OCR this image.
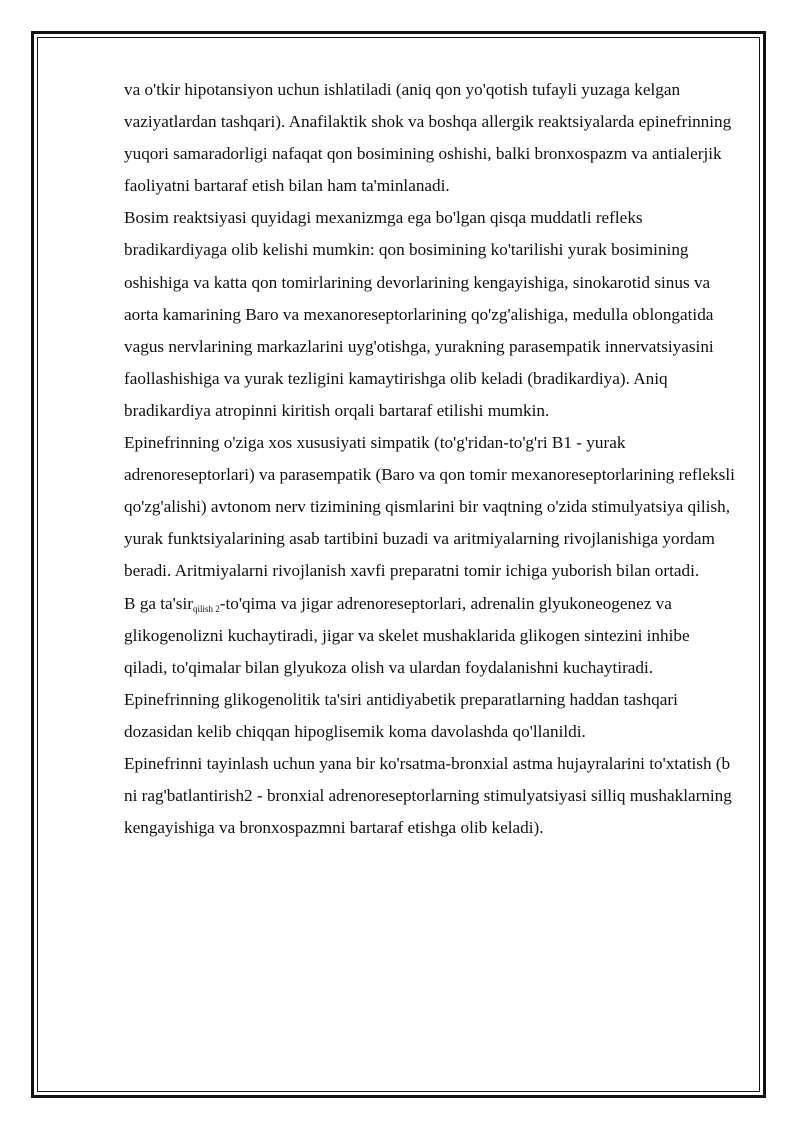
va o'tkir hipotansiyon uchun ishlatiladi (aniq qon yo'qotish tufayli yuzaga kelgan vaziyatlardan tashqari). Anafilaktik shok va boshqa allergik reaktsiyalarda epinefrinning yuqori samaradorligi nafaqat qon bosimining oshishi, balki bronxospazm va antialerjik faoliyatni bartaraf etish bilan ham ta'minlanadi.

Bosim reaktsiyasi quyidagi mexanizmga ega bo'lgan qisqa muddatli refleks bradikardiyaga olib kelishi mumkin: qon bosimining ko'tarilishi yurak bosimining oshishiga va katta qon tomirlarining devorlarining kengayishiga, sinokarotid sinus va aorta kamarining Baro va mexanoreseptorlarining qo'zg'alishiga, medulla oblongatida vagus nervlarining markazlarini uyg'otishga, yurakning parasempatik innervatsiyasini faollashishiga va yurak tezligini kamaytirishga olib keladi (bradikardiya). Aniq bradikardiya atropinni kiritish orqali bartaraf etilishi mumkin.

Epinefrinning o'ziga xos xususiyati simpatik (to'g'ridan-to'g'ri B1 - yurak adrenoreseptorlari) va parasempatik (Baro va qon tomir mexanoreseptorlarining refleksli qo'zg'alishi) avtonom nerv tizimining qismlarini bir vaqtning o'zida stimulyatsiya qilish, yurak funktsiyalarining asab tartibini buzadi va aritmiyalarning rivojlanishiga yordam beradi. Aritmiyalarni rivojlanish xavfi preparatni tomir ichiga yuborish bilan ortadi.

B ga ta'sir$_{qilish 2}$-to'qima va jigar adrenoreseptorlari, adrenalin glyukoneogenez va glikogenolizni kuchaytiradi, jigar va skelet mushaklarida glikogen sintezini inhibe qiladi, to'qimalar bilan glyukoza olish va ulardan foydalanishni kuchaytiradi. Epinefrinning glikogenolitik ta'siri antidiyabetik preparatlarning haddan tashqari dozasidan kelib chiqqan hipoglisemik koma davolashda qo'llanildi.

Epinefrinni tayinlash uchun yana bir ko'rsatma-bronxial astma hujayralarini to'xtatish (b ni rag'batlantirish2 - bronxial adrenoreseptorlarning stimulyatsiyasi silliq mushaklarning kengayishiga va bronxospazmni bartaraf etishga olib keladi).
